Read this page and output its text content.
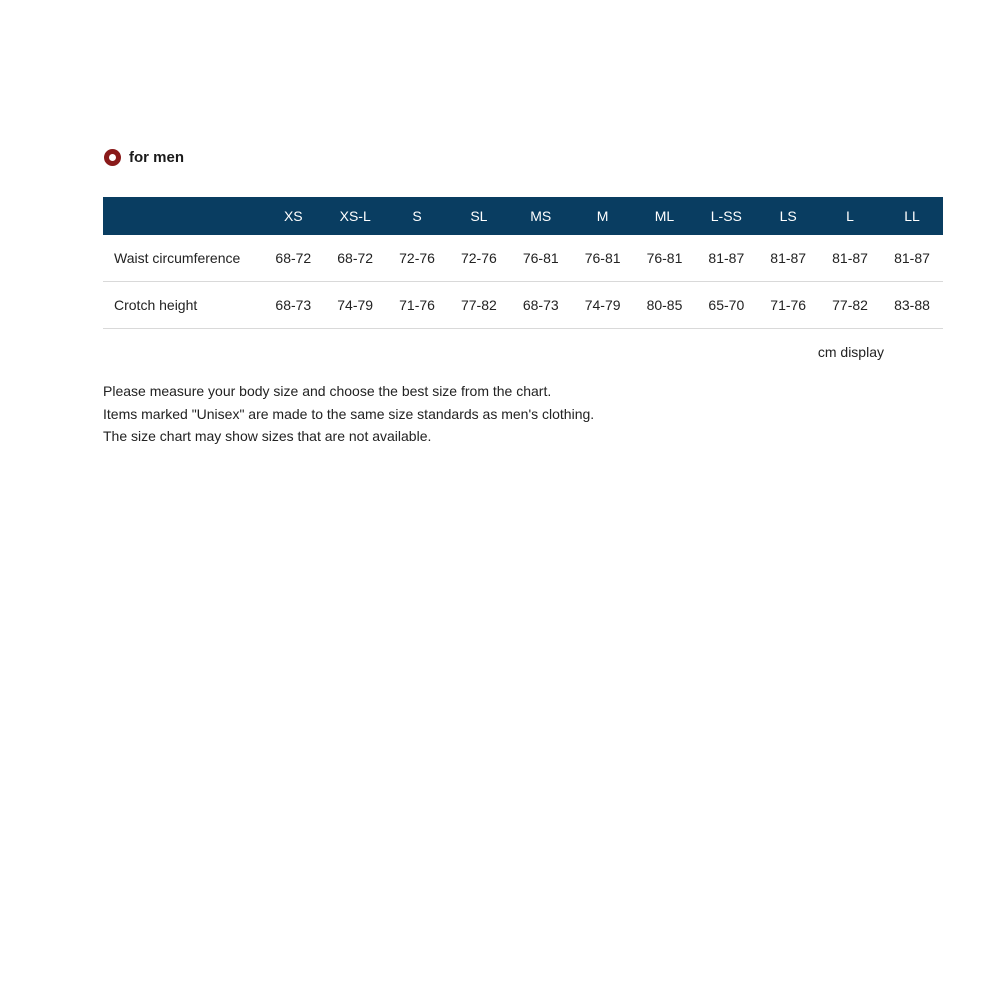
for men
	XS	XS-L	S	SL	MS	M	ML	L-SS	LS	L	LL
Waist circumference	68-72	68-72	72-76	72-76	76-81	76-81	76-81	81-87	81-87	81-87	81-87
Crotch height	68-73	74-79	71-76	77-82	68-73	74-79	80-85	65-70	71-76	77-82	83-88
cm display

Please measure your body size and choose the best size from the chart.

Items marked "Unisex" are made to the same size standards as men's clothing.

The size chart may show sizes that are not available.
